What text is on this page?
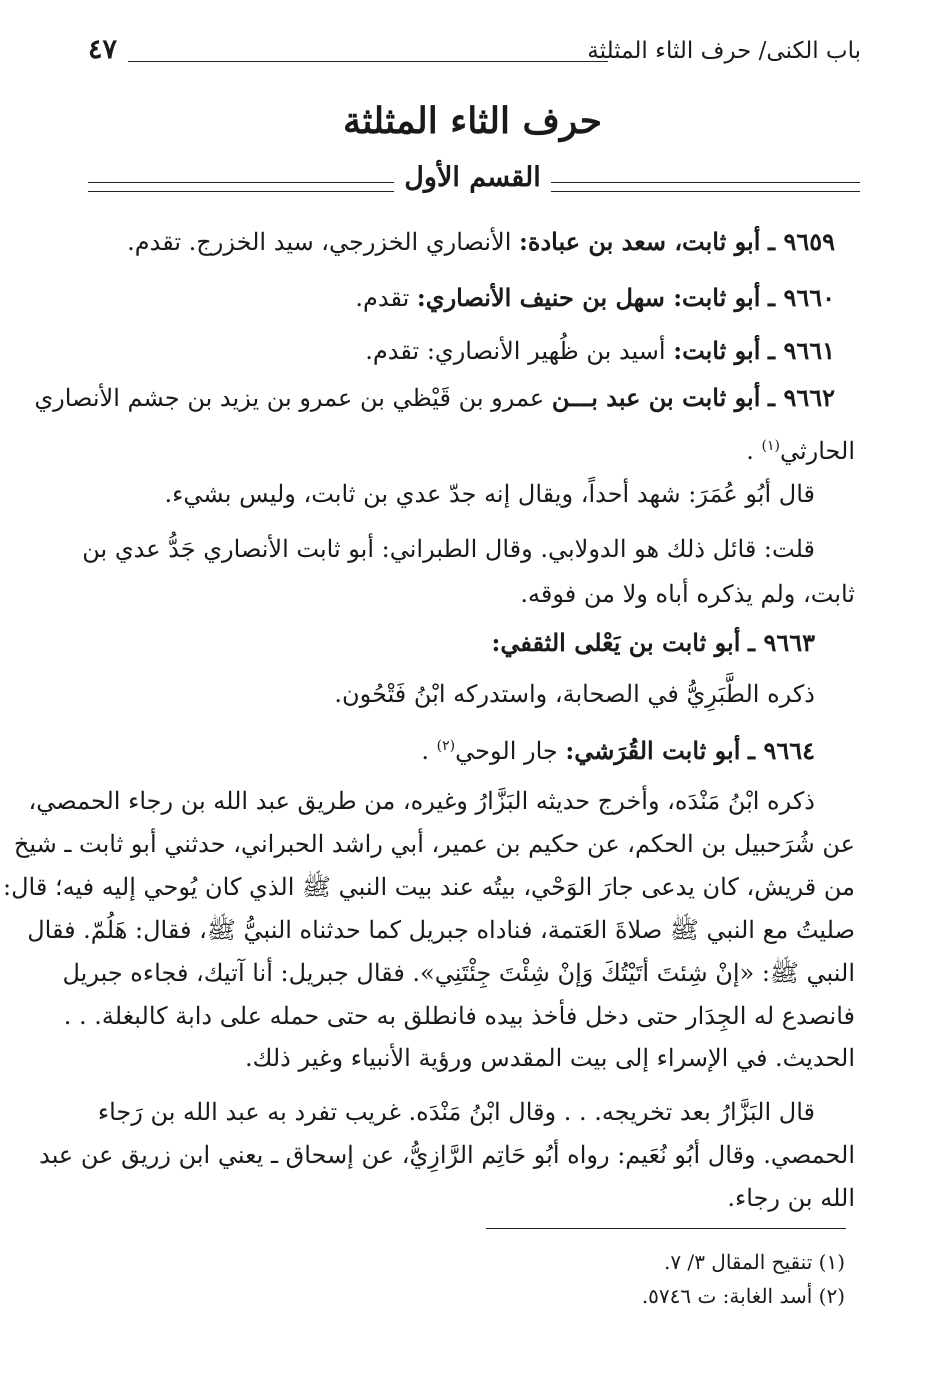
باب الكنى/ حرف الثاء المثلثة
٤٧
حرف الثاء المثلثة
القسم الأول
٩٦٥٩ ـ أبو ثابت، سعد بن عبادة: الأنصاري الخزرجي، سيد الخزرج. تقدم.
٩٦٦٠ ـ أبو ثابت: سهل بن حنيف الأنصاري: تقدم.
٩٦٦١ ـ أبو ثابت: أسيد بن ظُهير الأنصاري: تقدم.
٩٦٦٢ ـ أبو ثابت بن عبد بـــن عمرو بن قَيْظي بن عمرو بن يزيد بن جشم الأنصاري
الحارثي$^{(١)}$ .
قال أبُو عُمَرَ: شهد أحداً، ويقال إنه جدّ عدي بن ثابت، وليس بشيء.
قلت: قائل ذلك هو الدولابي. وقال الطبراني: أبو ثابت الأنصاري جَدُّ عدي بن
ثابت، ولم يذكره أباه ولا من فوقه.
٩٦٦٣ ـ أبو ثابت بن يَعْلى الثقفي:
ذكره الطَّبَرِيُّ في الصحابة، واستدركه ابْنُ فَتْحُون.
٩٦٦٤ ـ أبو ثابت القُرَشي: جار الوحي$^{(٢)}$ .
ذكره ابْنُ مَنْدَه، وأخرج حديثه البَزَّارُ وغيره، من طريق عبد الله بن رجاء الحمصي،
عن شُرَحبيل بن الحكم، عن حكيم بن عمير، أبي راشد الحبراني، حدثني أبو ثابت ـ شيخ
من قريش، كان يدعى جارَ الوَحْي، بيتُه عند بيت النبي ﷺ الذي كان يُوحي إليه فيه؛ قال:
صليتُ مع النبي ﷺ صلاةَ العَتمة، فناداه جبريل كما حدثناه النبيُّ ﷺ، فقال: هَلُمّ. فقال
النبي ﷺ: «إنْ شِئتَ أتَيْتُكَ وَإنْ شِئْتَ جِئْتَنِي». فقال جبريل: أنا آتيك، فجاءه جبريل
فانصدع له الجِدَار حتى دخل فأخذ بيده فانطلق به حتى حمله على دابة كالبغلة. . .
الحديث. في الإسراء إلى بيت المقدس ورؤية الأنبياء وغير ذلك.
قال البَزَّارُ بعد تخريجه. . . وقال ابْنُ مَنْدَه. غريب تفرد به عبد الله بن رَجاء
الحمصي. وقال أبُو نُعَيم: رواه أبُو حَاتِم الرَّازِيُّ، عن إسحاق ـ يعني ابن زريق عن عبد
الله بن رجاء.
(١) تنقيح المقال ٣/ ٧.
(٢) أسد الغابة: ت ٥٧٤٦.
